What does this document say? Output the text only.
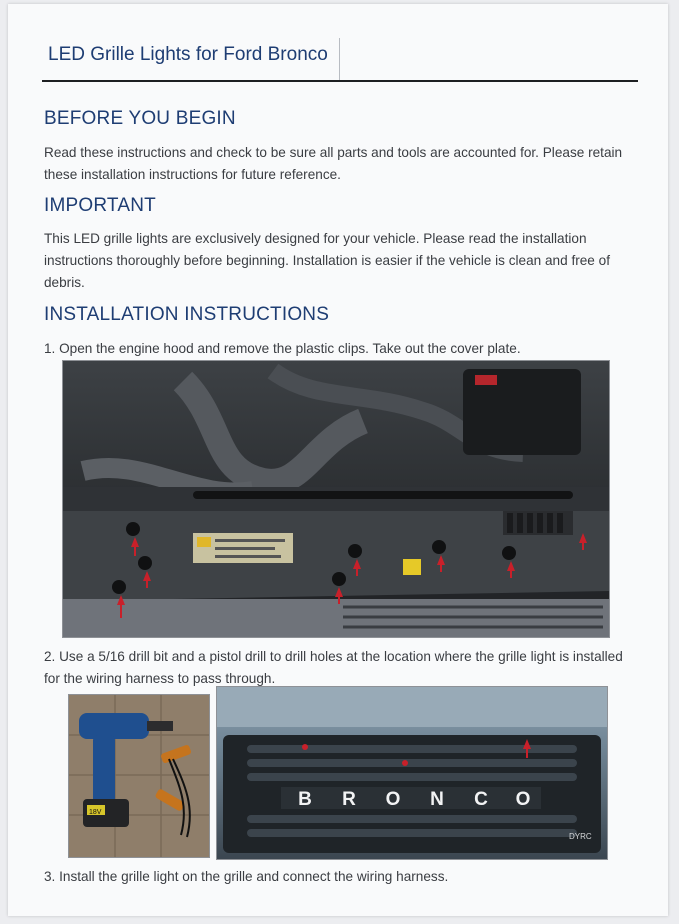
LED Grille Lights for Ford Bronco
BEFORE YOU BEGIN
Read these instructions and check to be sure all parts and tools are accounted for. Please retain
these installation instructions for future reference.
IMPORTANT
This LED grille lights are exclusively designed for your vehicle. Please read the installation
instructions thoroughly before beginning. Installation is easier if the vehicle is clean and free of
debris.
INSTALLATION INSTRUCTIONS
1. Open the engine hood and remove the plastic clips. Take out the cover plate.
2. Use a 5/16 drill bit and a pistol drill to drill holes at the location where the grille light is installed
for the wiring harness to pass through.
18V
B R O N C O
DYRC
3. Install the grille light on the grille and connect the wiring harness.
